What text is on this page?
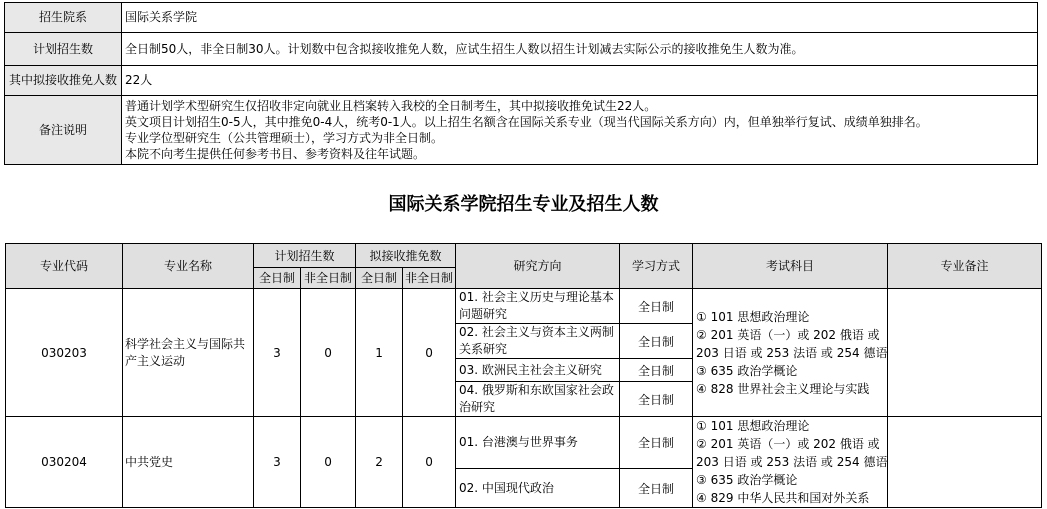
招生院系	国际关系学院
计划招生数	全日制50人，非全日制30人。计划数中包含拟接收推免人数，应试生招生人数以招生计划减去实际公示的接收推免生人数为准。
其中拟接收推免人数	22人
备注说明	普通计划学术型研究生仅招收非定向就业且档案转入我校的全日制考生，其中拟接收推免试生22人。
英文项目计划招生0-5人，其中推免0-4人，统考0-1人。以上招生名额含在国际关系专业（现当代国际关系方向）内，但单独举行复试、成绩单独排名。
专业学位型研究生（公共管理硕士），学习方式为非全日制。
本院不向考生提供任何参考书目、参考资料及往年试题。
国际关系学院招生专业及招生人数
专业代码	专业名称	计划招生数		拟接收推免数		研究方向	学习方式	考试科目	专业备注
		全日制	非全日制	全日制	非全日制				
030203	科学社会主义与国际共产主义运动	3	0	1	0	01. 社会主义历史与理论基本问题研究	全日制	① 101 思想政治理论
② 201 英语（一）或 202 俄语 或
203 日语 或 253 法语 或 254 德语
③ 635 政治学概论
④ 828 世界社会主义理论与实践	

						02. 社会主义与资本主义两制关系研究	全日制		
						03. 欧洲民主社会主义研究	全日制		
						04. 俄罗斯和东欧国家社会政治研究	全日制		
030204	中共党史	3	0	2	0	01. 台港澳与世界事务	全日制	① 101 思想政治理论
② 201 英语（一）或 202 俄语 或
203 日语 或 253 法语 或 254 德语
③ 635 政治学概论
④ 829 中华人民共和国对外关系	

						02. 中国现代政治	全日制		
